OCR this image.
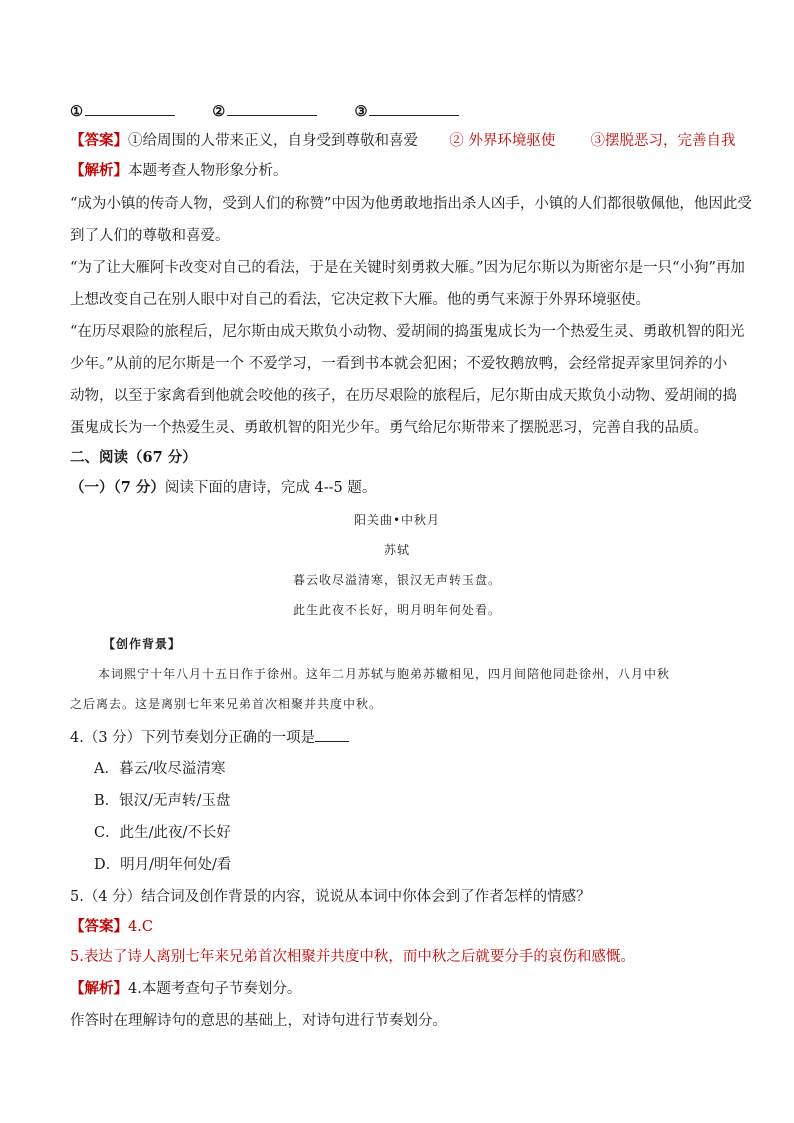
①	②	③
【答案】①给周围的人带来正义，自身受到尊敬和喜爱 ② 外界环境驱使 ③摆脱恶习，完善自我
【解析】本题考查人物形象分析。
“成为小镇的传奇人物，受到人们的称赞”中因为他勇敢地指出杀人凶手，小镇的人们都很敬佩他，他因此受
到了人们的尊敬和喜爱。
“为了让大雁阿卡改变对自己的看法，于是在关键时刻勇救大雁。”因为尼尔斯以为斯密尔是一只“小狗”再加
上想改变自己在别人眼中对自己的看法，它决定救下大雁。他的勇气来源于外界环境驱使。
“在历尽艰险的旅程后，尼尔斯由成天欺负小动物、爱胡闹的捣蛋鬼成长为一个热爱生灵、勇敢机智的阳光
少年。”从前的尼尔斯是一个 不爱学习，一看到书本就会犯困；不爱牧鹅放鸭，会经常捉弄家里饲养的小
动物，以至于家禽看到他就会咬他的孩子，在历尽艰险的旅程后，尼尔斯由成天欺负小动物、爱胡闹的捣
蛋鬼成长为一个热爱生灵、勇敢机智的阳光少年。勇气给尼尔斯带来了摆脱恶习，完善自我的品质。
二、阅读（67 分）
（一）（7 分）阅读下面的唐诗，完成 4--5 题。
阳关曲•中秋月
苏轼
暮云收尽溢清寒，银汉无声转玉盘。
此生此夜不长好，明月明年何处看。
【创作背景】
本词熙宁十年八月十五日作于徐州。这年二月苏轼与胞弟苏辙相见，四月间陪他同赴徐州，八月中秋
之后离去。这是离别七年来兄弟首次相聚并共度中秋。
4.（3 分）下列节奏划分正确的一项是
A．暮云/收尽溢清寒
B．银汉/无声转/玉盘
C．此生/此夜/不长好
D．明月/明年何处/看
5.（4 分）结合词及创作背景的内容，说说从本词中你体会到了作者怎样的情感？
【答案】4.C
5.表达了诗人离别七年来兄弟首次相聚并共度中秋，而中秋之后就要分手的哀伤和感慨。
【解析】4.本题考查句子节奏划分。
作答时在理解诗句的意思的基础上，对诗句进行节奏划分。
